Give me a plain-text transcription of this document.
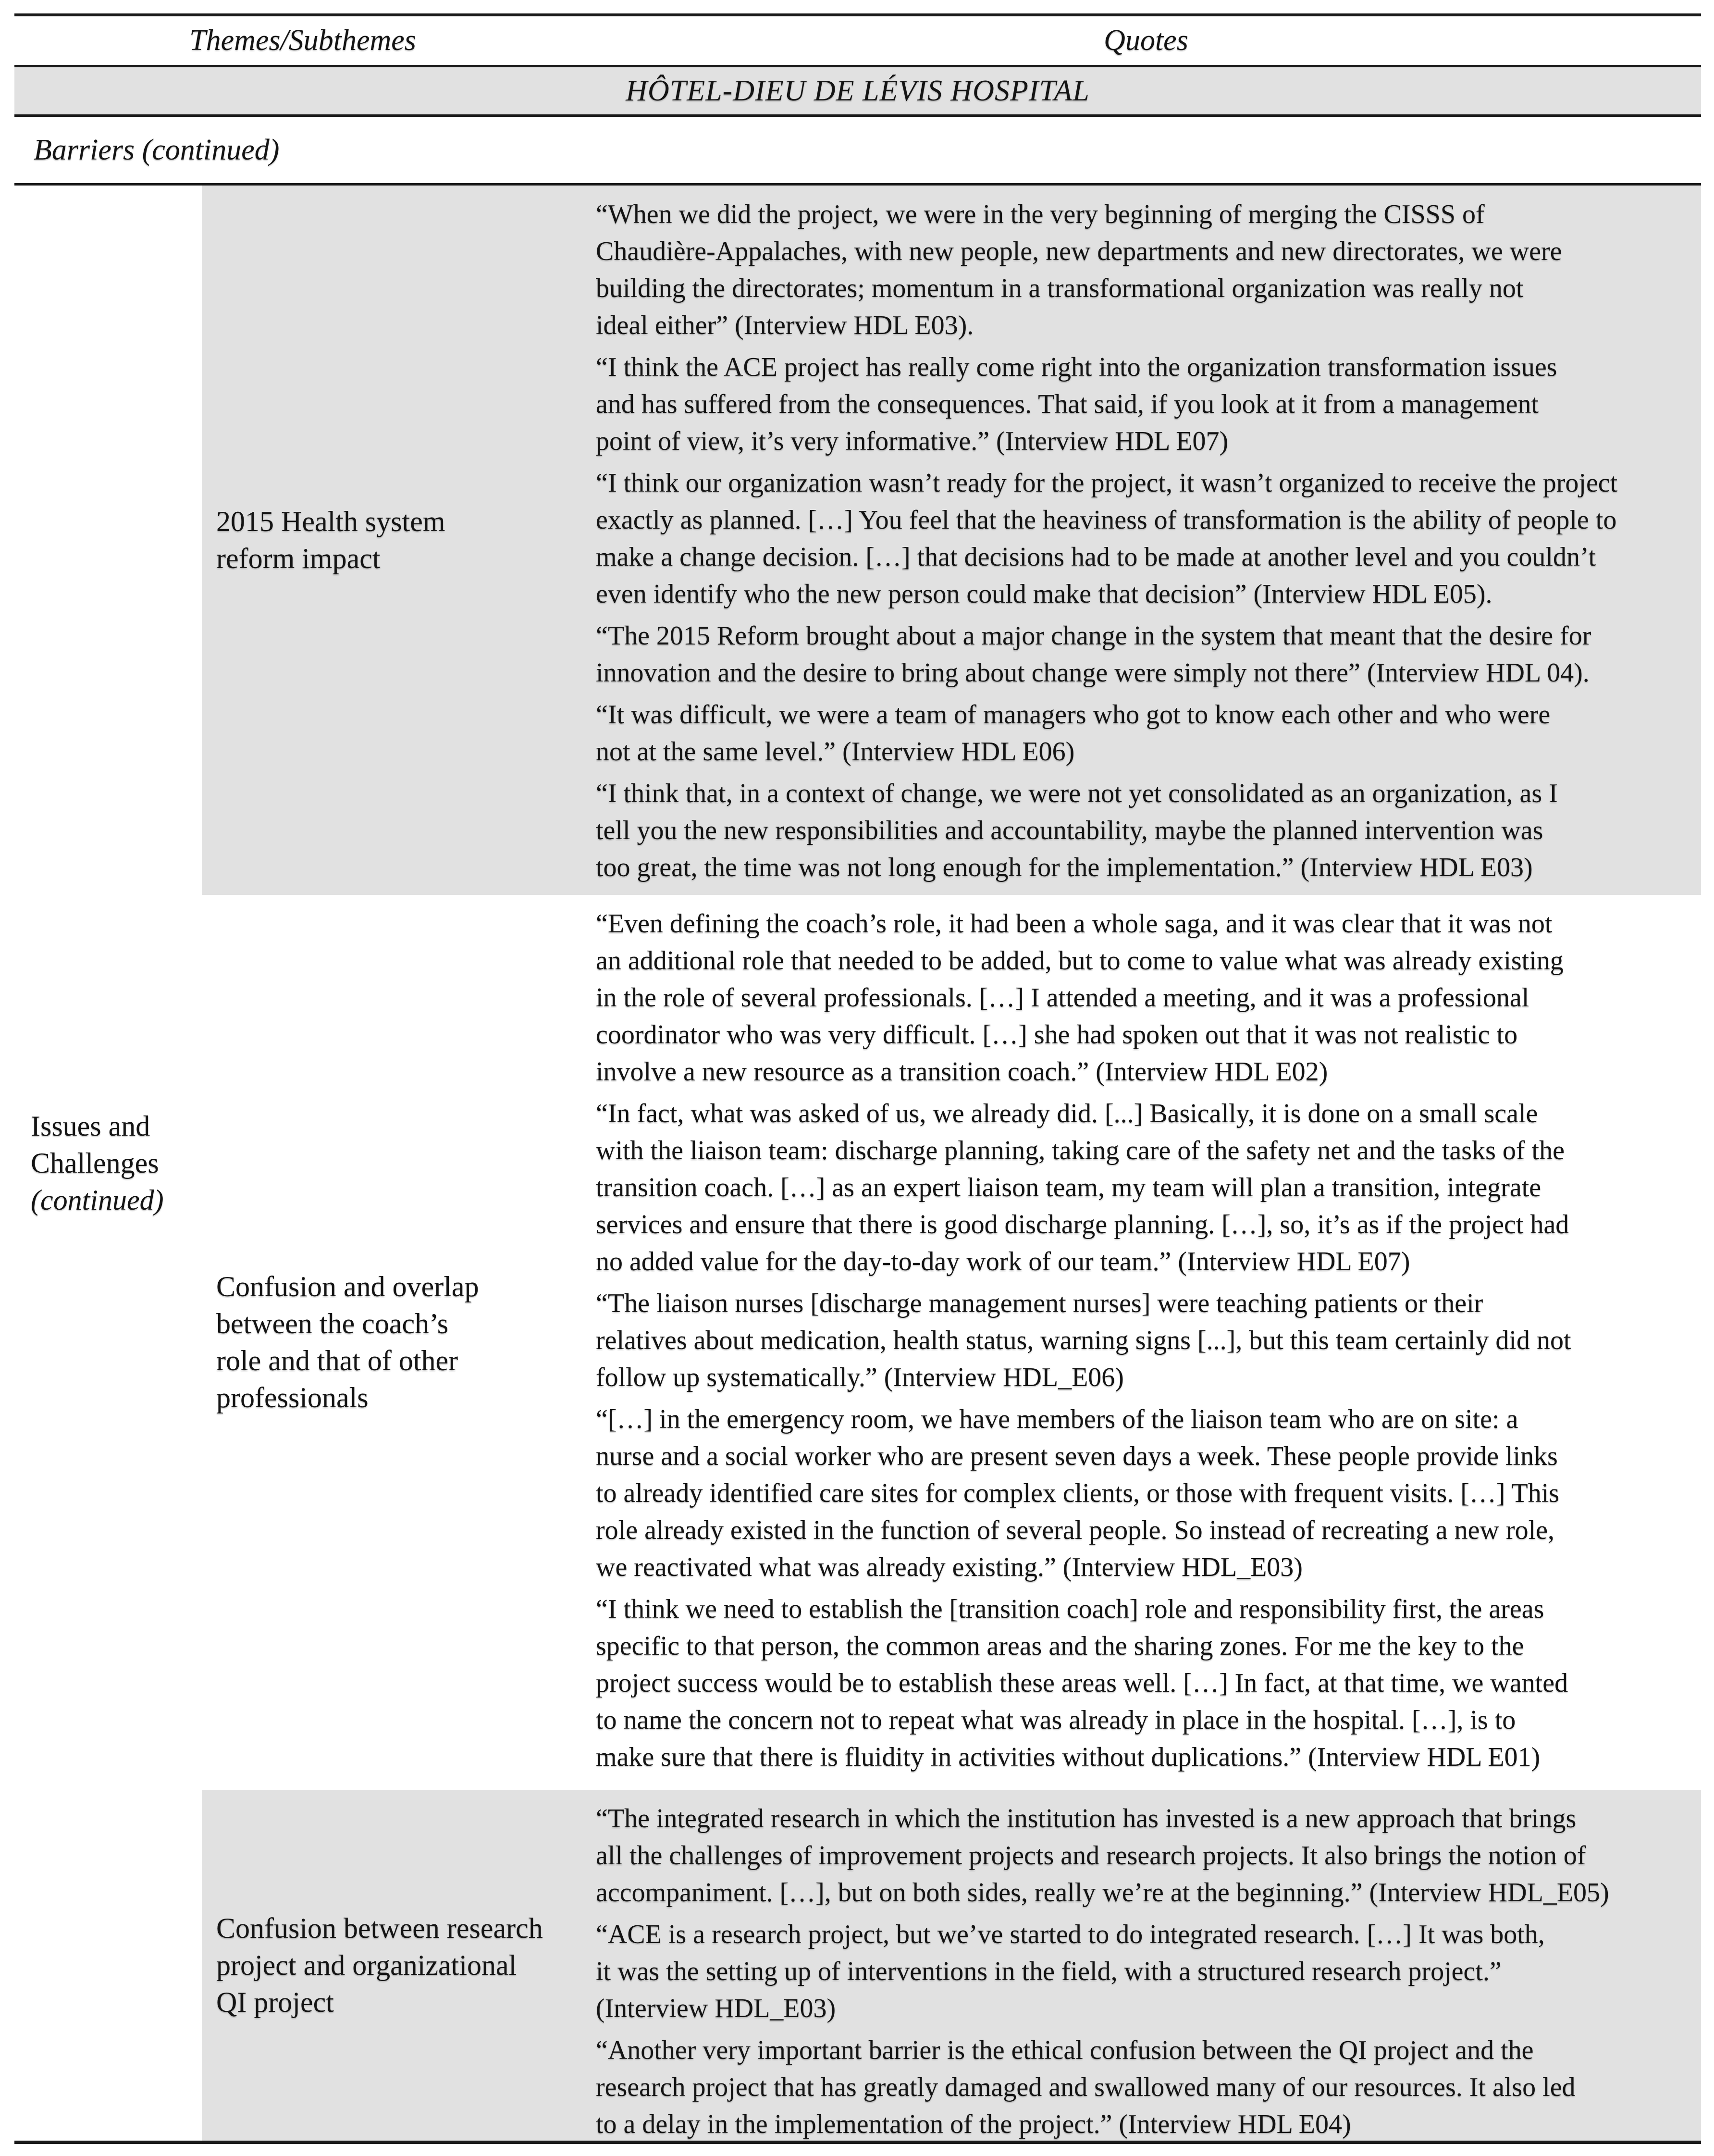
Themes/Subthemes	Quotes
HÔTEL-DIEU DE LÉVIS HOSPITAL
Barriers (continued)
Issues and
Challenges
(continued)
2015 Health system
reform impact
“When we did the project, we were in the very beginning of merging the CISSS of
Chaudière-Appalaches, with new people, new departments and new directorates, we were
building the directorates; momentum in a transformational organization was really not
ideal either” (Interview HDL E03).
“I think the ACE project has really come right into the organization transformation issues
and has suffered from the consequences. That said, if you look at it from a management
point of view, it’s very informative.” (Interview HDL E07)
“I think our organization wasn’t ready for the project, it wasn’t organized to receive the project
exactly as planned. […] You feel that the heaviness of transformation is the ability of people to
make a change decision. […] that decisions had to be made at another level and you couldn’t
even identify who the new person could make that decision” (Interview HDL E05).
“The 2015 Reform brought about a major change in the system that meant that the desire for
innovation and the desire to bring about change were simply not there” (Interview HDL 04).
“It was difficult, we were a team of managers who got to know each other and who were
not at the same level.” (Interview HDL E06)
“I think that, in a context of change, we were not yet consolidated as an organization, as I
tell you the new responsibilities and accountability, maybe the planned intervention was
too great, the time was not long enough for the implementation.” (Interview HDL E03)
Confusion and overlap
between the coach’s
role and that of other
professionals
“Even defining the coach’s role, it had been a whole saga, and it was clear that it was not
an additional role that needed to be added, but to come to value what was already existing
in the role of several professionals. […] I attended a meeting, and it was a professional
coordinator who was very difficult. […] she had spoken out that it was not realistic to
involve a new resource as a transition coach.” (Interview HDL E02)
“In fact, what was asked of us, we already did. [...] Basically, it is done on a small scale
with the liaison team: discharge planning, taking care of the safety net and the tasks of the
transition coach. […] as an expert liaison team, my team will plan a transition, integrate
services and ensure that there is good discharge planning. […], so, it’s as if the project had
no added value for the day-to-day work of our team.” (Interview HDL E07)
“The liaison nurses [discharge management nurses] were teaching patients or their
relatives about medication, health status, warning signs [...], but this team certainly did not
follow up systematically.” (Interview HDL_E06)
“[…] in the emergency room, we have members of the liaison team who are on site: a
nurse and a social worker who are present seven days a week. These people provide links
to already identified care sites for complex clients, or those with frequent visits. […] This
role already existed in the function of several people. So instead of recreating a new role,
we reactivated what was already existing.” (Interview HDL_E03)
“I think we need to establish the [transition coach] role and responsibility first, the areas
specific to that person, the common areas and the sharing zones. For me the key to the
project success would be to establish these areas well. […] In fact, at that time, we wanted
to name the concern not to repeat what was already in place in the hospital. […], is to
make sure that there is fluidity in activities without duplications.” (Interview HDL E01)
Confusion between research
project and organizational
QI project
“The integrated research in which the institution has invested is a new approach that brings
all the challenges of improvement projects and research projects. It also brings the notion of
accompaniment. […], but on both sides, really we’re at the beginning.” (Interview HDL_E05)
“ACE is a research project, but we’ve started to do integrated research. […] It was both,
it was the setting up of interventions in the field, with a structured research project.”
(Interview HDL_E03)
“Another very important barrier is the ethical confusion between the QI project and the
research project that has greatly damaged and swallowed many of our resources. It also led
to a delay in the implementation of the project.” (Interview HDL E04)
